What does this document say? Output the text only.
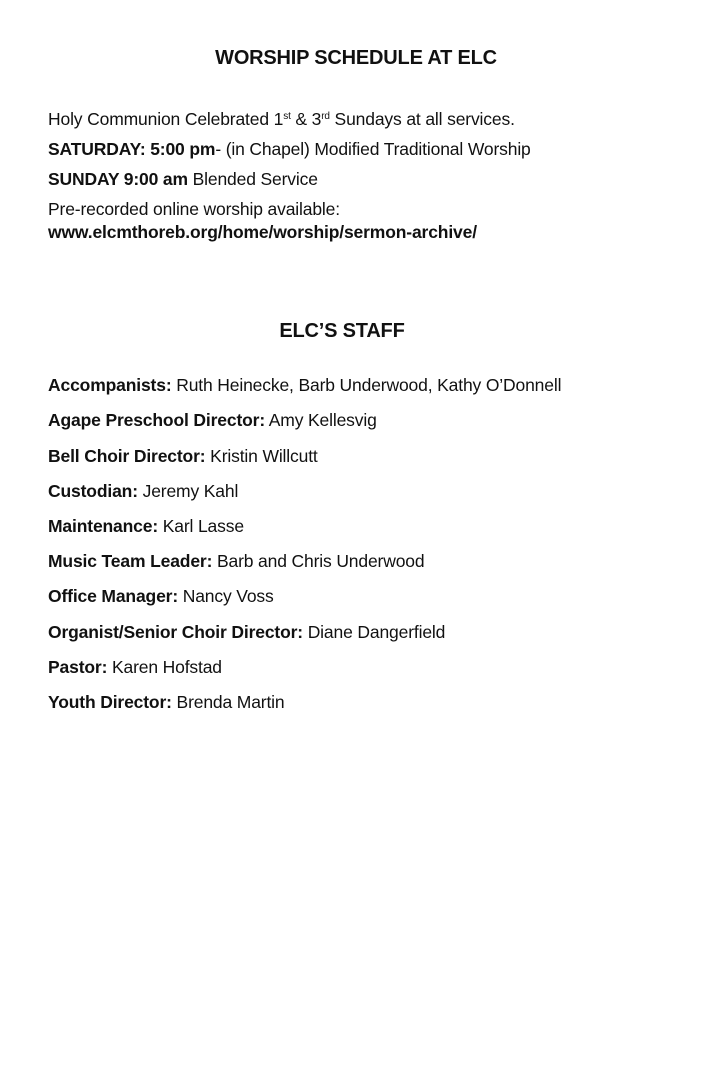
WORSHIP SCHEDULE AT ELC

Holy Communion Celebrated 1st & 3rd Sundays at all services.

SATURDAY: 5:00 pm- (in Chapel) Modified Traditional Worship

SUNDAY 9:00 am Blended Service

Pre-recorded online worship available:

www.elcmthoreb.org/home/worship/sermon-archive/

ELC’S STAFF

Accompanists: Ruth Heinecke, Barb Underwood, Kathy O’Donnell

Agape Preschool Director: Amy Kellesvig

Bell Choir Director: Kristin Willcutt

Custodian: Jeremy Kahl

Maintenance: Karl Lasse

Music Team Leader: Barb and Chris Underwood

Office Manager: Nancy Voss

Organist/Senior Choir Director: Diane Dangerfield

Pastor: Karen Hofstad

Youth Director: Brenda Martin
